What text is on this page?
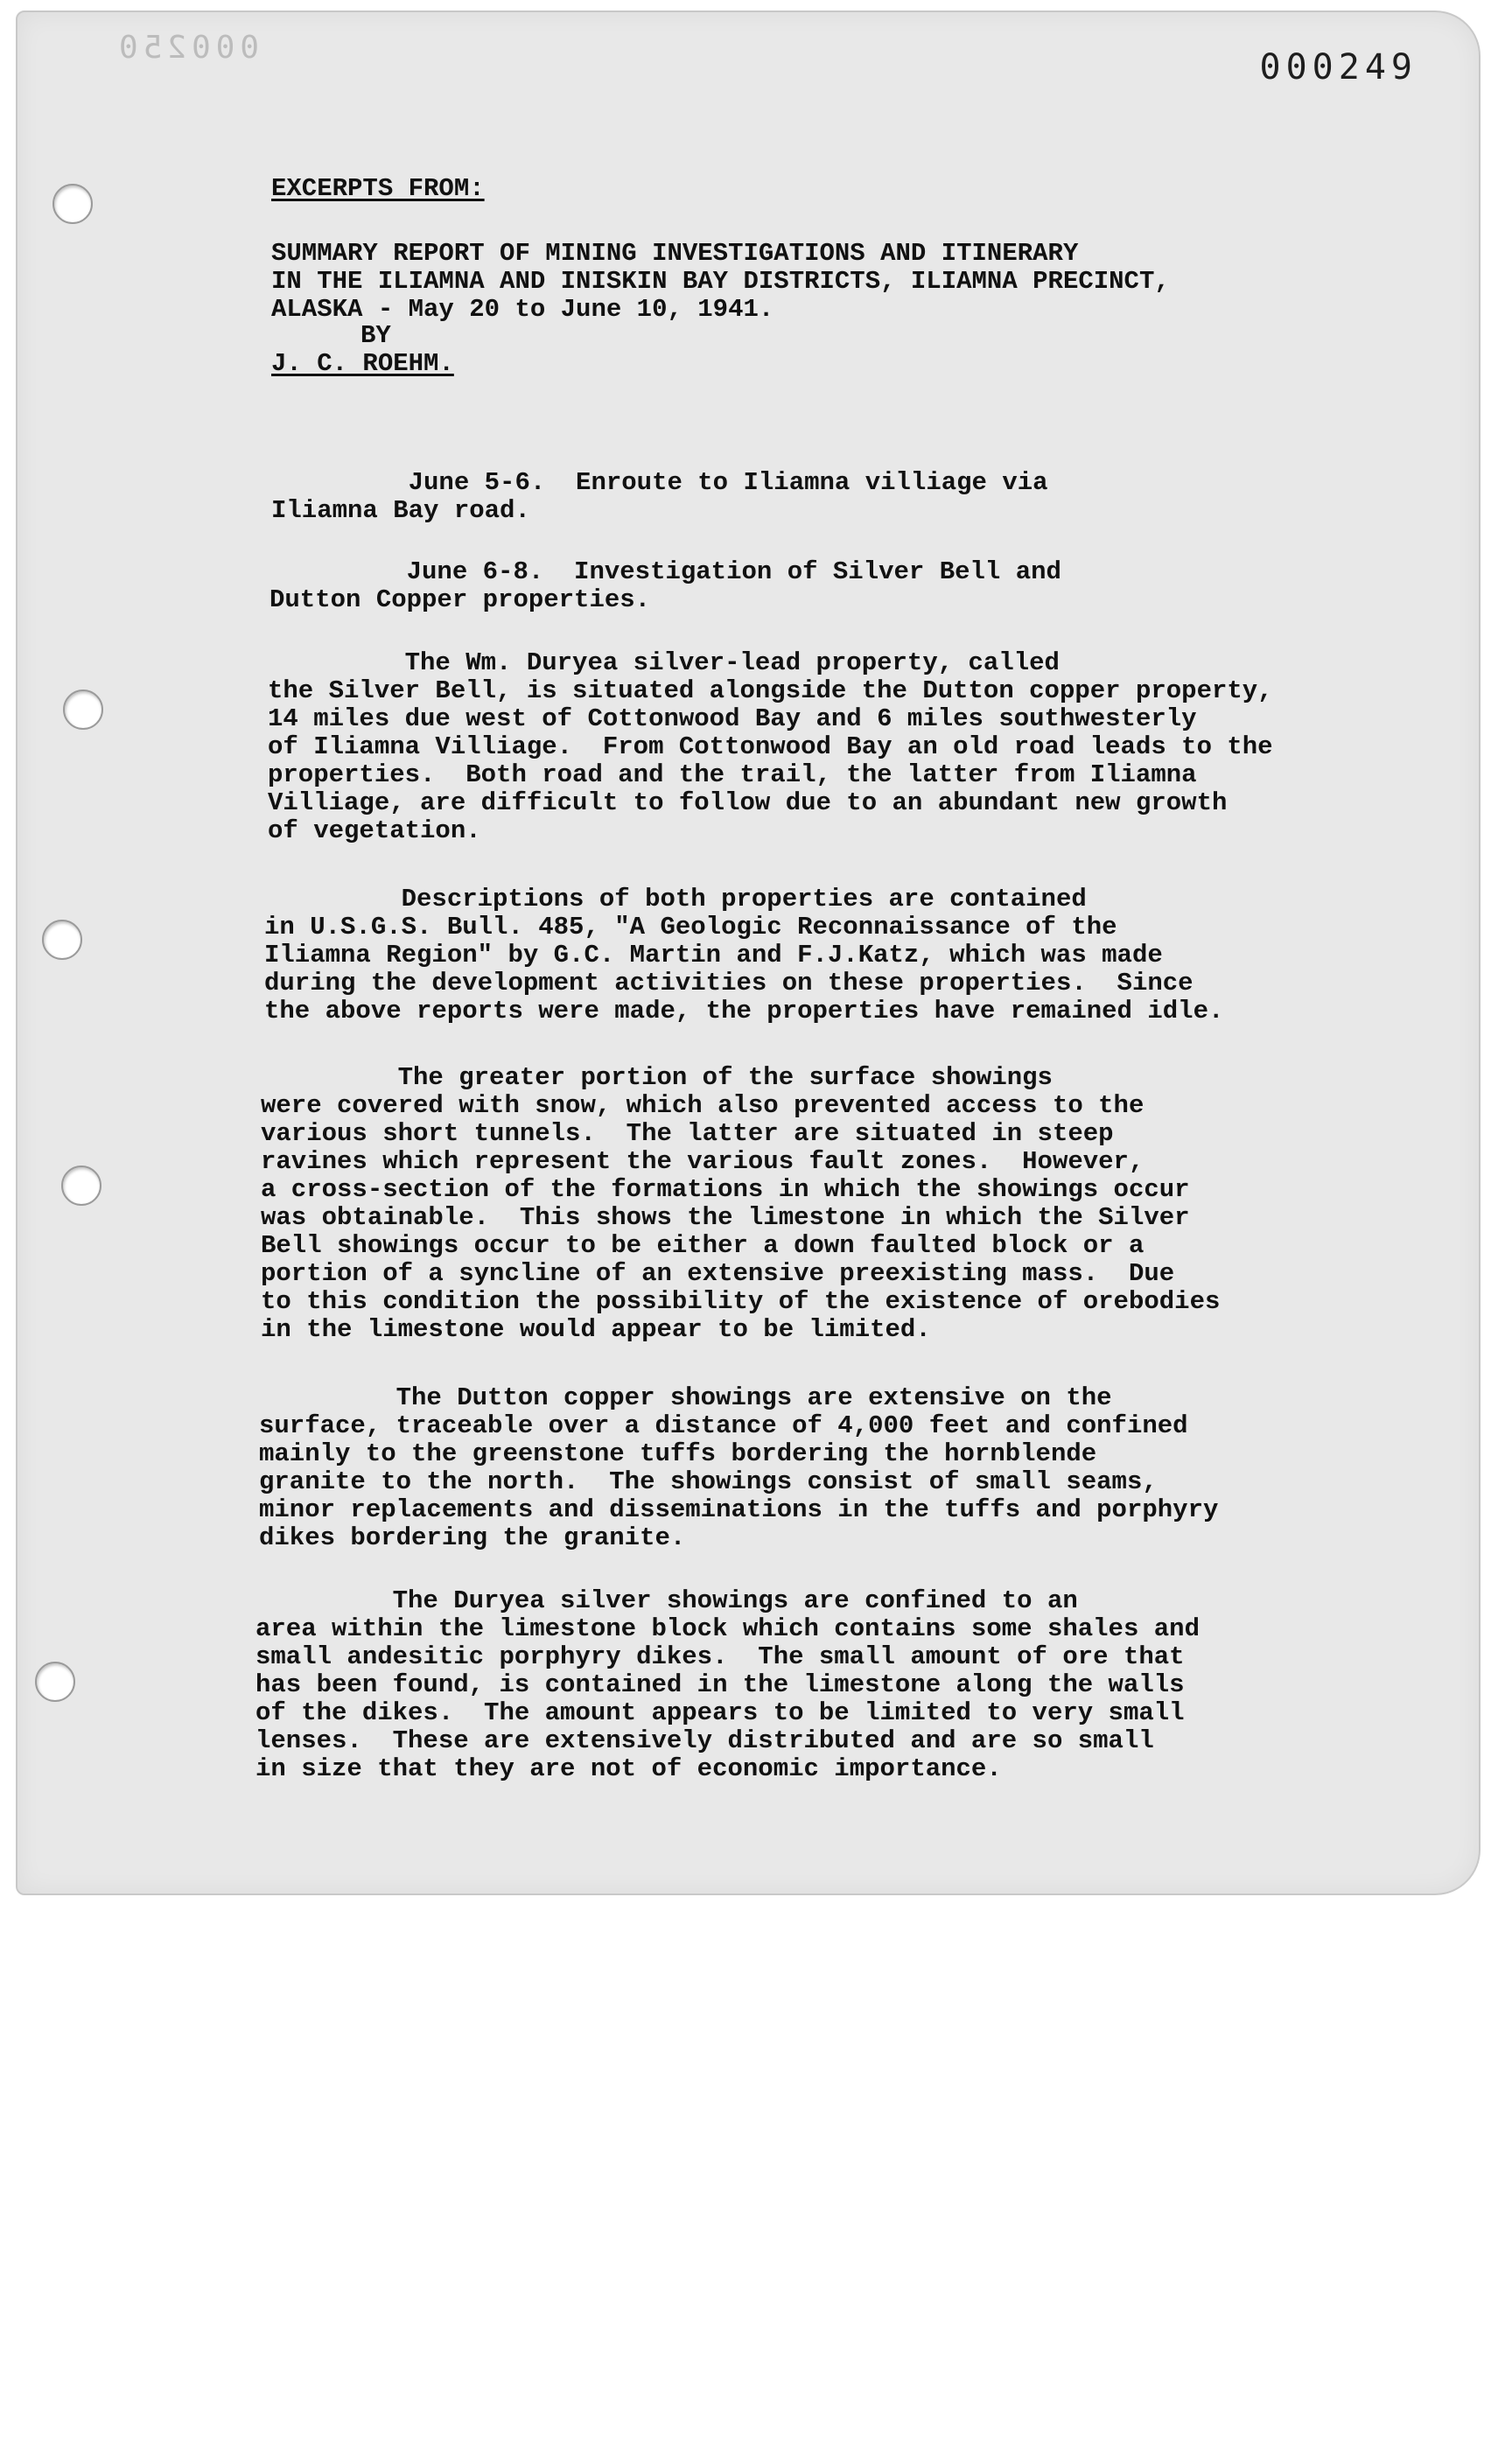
000250	000249

EXCERPTS FROM:

SUMMARY REPORT OF MINING INVESTIGATIONS AND ITINERARY

IN THE ILIAMNA AND INISKIN BAY DISTRICTS, ILIAMNA PRECINCT,

ALASKA - May 20 to June 10, 1941.

BY

J. C. ROEHM.

June 5-6.  Enroute to Iliamna villiage via

Iliamna Bay road.

June 6-8.  Investigation of Silver Bell and

Dutton Copper properties.

The Wm. Duryea silver-lead property, called

the Silver Bell, is situated alongside the Dutton copper property,

14 miles due west of Cottonwood Bay and 6 miles southwesterly

of Iliamna Villiage.  From Cottonwood Bay an old road leads to the

properties.  Both road and the trail, the latter from Iliamna

Villiage, are difficult to follow due to an abundant new growth

of vegetation.

Descriptions of both properties are contained

in U.S.G.S. Bull. 485, "A Geologic Reconnaissance of the

Iliamna Region" by G.C. Martin and F.J.Katz, which was made

during the development activities on these properties.  Since

the above reports were made, the properties have remained idle.

The greater portion of the surface showings

were covered with snow, which also prevented access to the

various short tunnels.  The latter are situated in steep

ravines which represent the various fault zones.  However,

a cross-section of the formations in which the showings occur

was obtainable.  This shows the limestone in which the Silver

Bell showings occur to be either a down faulted block or a

portion of a syncline of an extensive preexisting mass.  Due

to this condition the possibility of the existence of orebodies

in the limestone would appear to be limited.

The Dutton copper showings are extensive on the

surface, traceable over a distance of 4,000 feet and confined

mainly to the greenstone tuffs bordering the hornblende

granite to the north.  The showings consist of small seams,

minor replacements and disseminations in the tuffs and porphyry

dikes bordering the granite.

The Duryea silver showings are confined to an

area within the limestone block which contains some shales and

small andesitic porphyry dikes.  The small amount of ore that

has been found, is contained in the limestone along the walls

of the dikes.  The amount appears to be limited to very small

lenses.  These are extensively distributed and are so small

in size that they are not of economic importance.
